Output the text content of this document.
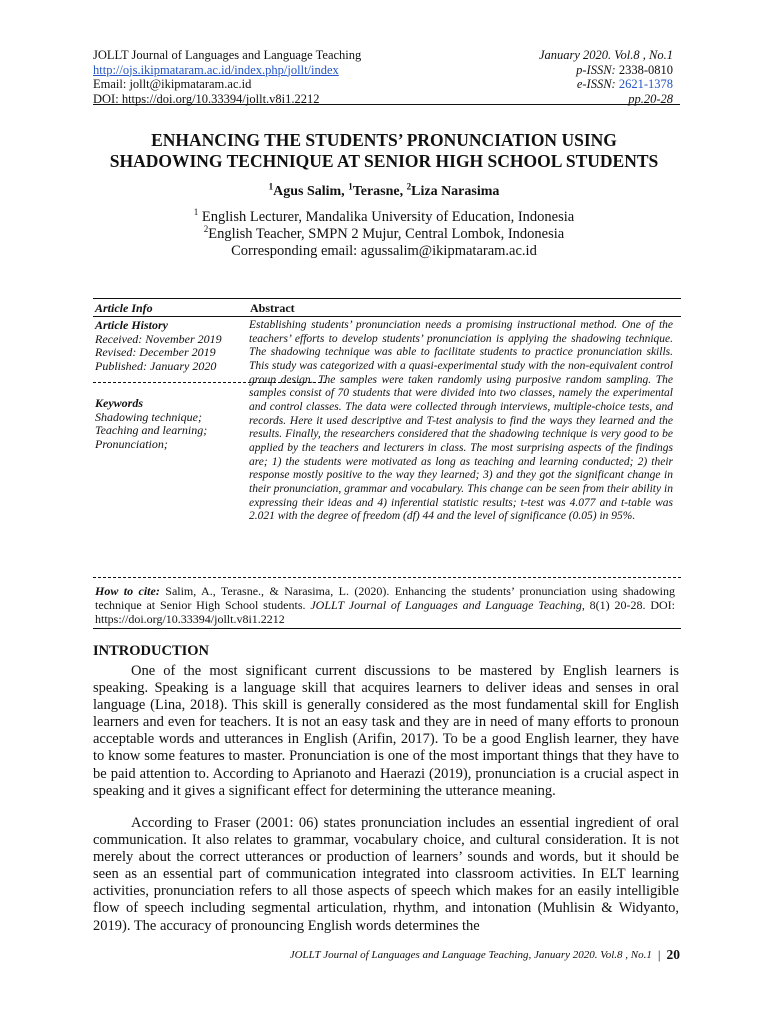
JOLLT Journal of Languages and Language Teaching
http://ojs.ikipmataram.ac.id/index.php/jollt/index
Email: jollt@ikipmataram.ac.id
DOI: https://doi.org/10.33394/jollt.v8i1.2212
January 2020. Vol.8 , No.1
p-ISSN: 2338-0810
e-ISSN: 2621-1378
pp.20-28
ENHANCING THE STUDENTS’ PRONUNCIATION USING
SHADOWING TECHNIQUE AT SENIOR HIGH SCHOOL STUDENTS
$^1$Agus Salim, $^1$Terasne, $^2$Liza Narasima
$^1$ English Lecturer, Mandalika University of Education, Indonesia
$^2$English Teacher, SMPN 2 Mujur, Central Lombok, Indonesia
Corresponding email: agussalim@ikipmataram.ac.id
Article Info	Abstract
Article History
Received: November 2019
Revised: December 2019
Published: January 2020
Keywords
Shadowing technique;
Teaching and learning;
Pronunciation;
Establishing students’ pronunciation needs a promising instructional method. One of the teachers’ efforts to develop students’ pronunciation is applying the shadowing technique. The shadowing technique was able to facilitate students to practice pronunciation skills. This study was categorized with a quasi-experimental study with the non-equivalent control group design. The samples were taken randomly using purposive random sampling. The samples consist of 70 students that were divided into two classes, namely the experimental and control classes. The data were collected through interviews, multiple-choice tests, and records. Here it used descriptive and T-test analysis to find the ways they learned and the results. Finally, the researchers considered that the shadowing technique is very good to be applied by the teachers and lecturers in class. The most surprising aspects of the findings are; 1) the students were motivated as long as teaching and learning conducted; 2) their response mostly positive to the way they learned; 3) and they got the significant change in their pronunciation, grammar and vocabulary. This change can be seen from their ability in expressing their ideas and 4) inferential statistic results; t-test was 4.077 and t-table was 2.021 with the degree of freedom (df) 44 and the level of significance (0.05) in 95%.
How to cite: Salim, A., Terasne., & Narasima, L. (2020). Enhancing the students’ pronunciation using shadowing technique at Senior High School students. JOLLT Journal of Languages and Language Teaching, 8(1) 20-28. DOI: https://doi.org/10.33394/jollt.v8i1.2212
INTRODUCTION

One of the most significant current discussions to be mastered by English learners is speaking. Speaking is a language skill that acquires learners to deliver ideas and senses in oral language (Lina, 2018). This skill is generally considered as the most fundamental skill for English learners and even for teachers. It is not an easy task and they are in need of many efforts to pronoun acceptable words and utterances in English (Arifin, 2017). To be a good English learner, they have to know some features to master. Pronunciation is one of the most important things that they have to be paid attention to. According to Aprianoto and Haerazi (2019), pronunciation is a crucial aspect in speaking and it gives a significant effect for determining the utterance meaning.

According to Fraser (2001: 06) states pronunciation includes an essential ingredient of oral communication. It also relates to grammar, vocabulary choice, and cultural consideration. It is not merely about the correct utterances or production of learners’ sounds and words, but it should be seen as an essential part of communication integrated into classroom activities. In ELT learning activities, pronunciation refers to all those aspects of speech which makes for an easily intelligible flow of speech including segmental articulation, rhythm, and intonation (Muhlisin & Widyanto, 2019). The accuracy of pronouncing English words determines the

JOLLT Journal of Languages and Language Teaching, January 2020. Vol.8 , No.1 | 20
